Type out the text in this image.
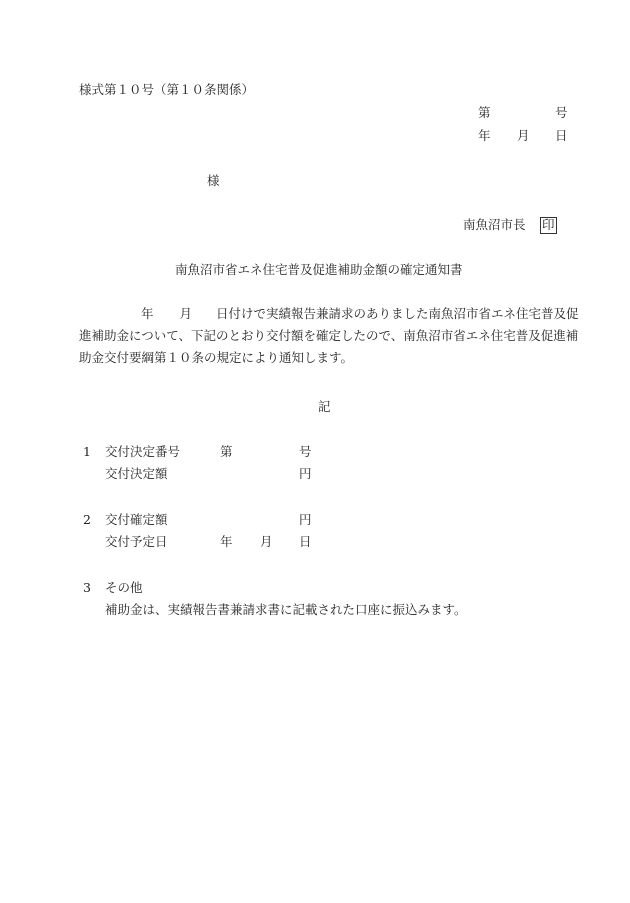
様式第１０号（第１０条関係）
第	号
年 月 日
様
南魚沼市長 印
南魚沼市省エネ住宅普及促進補助金額の確定通知書
年 月 日付けで実績報告兼請求のありました南魚沼市省エネ住宅普及促進補助金について、下記のとおり交付額を確定したので、南魚沼市省エネ住宅普及促進補助金交付要綱第１０条の規定により通知します。
記
1 交付決定番号	第	号
交付決定額	円
2 交付確定額	円
交付予定日	年 月 日
3 その他
補助金は、実績報告書兼請求書に記載された口座に振込みます。
